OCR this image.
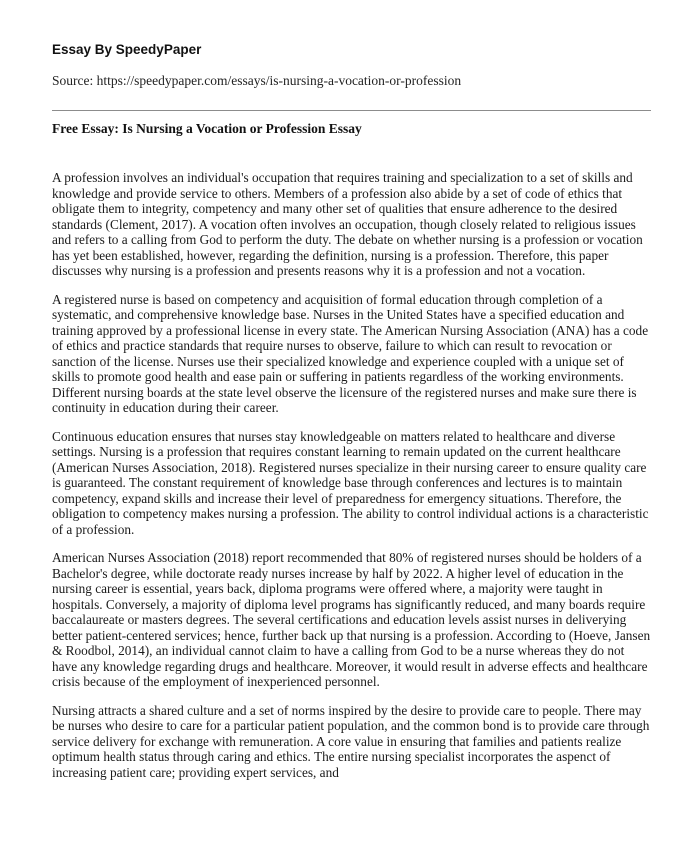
Essay By SpeedyPaper
Source: https://speedypaper.com/essays/is-nursing-a-vocation-or-profession
Free Essay: Is Nursing a Vocation or Profession Essay

A profession involves an individual's occupation that requires training and specialization to a set of skills and knowledge and provide service to others. Members of a profession also abide by a set of code of ethics that obligate them to integrity, competency and many other set of qualities that ensure adherence to the desired standards (Clement, 2017). A vocation often involves an occupation, though closely related to religious issues and refers to a calling from God to perform the duty. The debate on whether nursing is a profession or vocation has yet been established, however, regarding the definition, nursing is a profession. Therefore, this paper discusses why nursing is a profession and presents reasons why it is a profession and not a vocation.

A registered nurse is based on competency and acquisition of formal education through completion of a systematic, and comprehensive knowledge base. Nurses in the United States have a specified education and training approved by a professional license in every state. The American Nursing Association (ANA) has a code of ethics and practice standards that require nurses to observe, failure to which can result to revocation or sanction of the license. Nurses use their specialized knowledge and experience coupled with a unique set of skills to promote good health and ease pain or suffering in patients regardless of the working environments. Different nursing boards at the state level observe the licensure of the registered nurses and make sure there is continuity in education during their career.

Continuous education ensures that nurses stay knowledgeable on matters related to healthcare and diverse settings. Nursing is a profession that requires constant learning to remain updated on the current healthcare (American Nurses Association, 2018). Registered nurses specialize in their nursing career to ensure quality care is guaranteed. The constant requirement of knowledge base through conferences and lectures is to maintain competency, expand skills and increase their level of preparedness for emergency situations. Therefore, the obligation to competency makes nursing a profession. The ability to control individual actions is a characteristic of a profession.

American Nurses Association (2018) report recommended that 80% of registered nurses should be holders of a Bachelor's degree, while doctorate ready nurses increase by half by 2022. A higher level of education in the nursing career is essential, years back, diploma programs were offered where, a majority were taught in hospitals. Conversely, a majority of diploma level programs has significantly reduced, and many boards require baccalaureate or masters degrees. The several certifications and education levels assist nurses in deliverying better patient-centered services; hence, further back up that nursing is a profession. According to (Hoeve, Jansen & Roodbol, 2014), an individual cannot claim to have a calling from God to be a nurse whereas they do not have any knowledge regarding drugs and healthcare. Moreover, it would result in adverse effects and healthcare crisis because of the employment of inexperienced personnel.

Nursing attracts a shared culture and a set of norms inspired by the desire to provide care to people. There may be nurses who desire to care for a particular patient population, and the common bond is to provide care through service delivery for exchange with remuneration. A core value in ensuring that families and patients realize optimum health status through caring and ethics. The entire nursing specialist incorporates the aspenct of increasing patient care; providing expert services, and
